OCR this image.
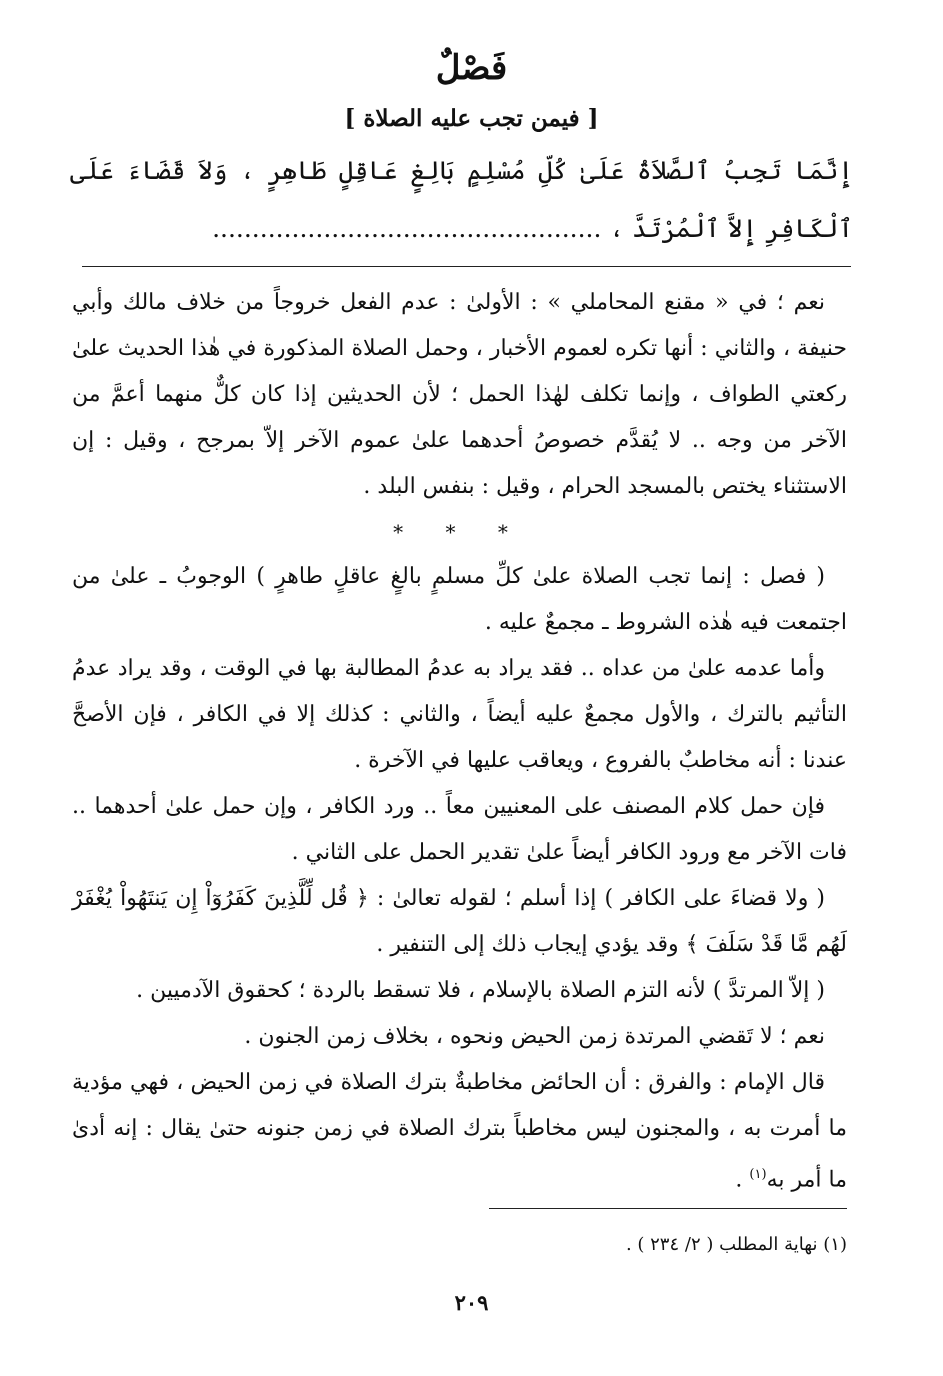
فَصْلٌ
[ فيمن تجب عليه الصلاة ]
إِنَّمَا تَجِبُ ٱلصَّلاَةُ عَلَىٰ كُلِّ مُسْلِمٍ بَالِغٍ عَاقِلٍ طَاهِرٍ ، وَلاَ قَضَاءَ عَلَى ٱلْكَافِرِ إِلاَّ ٱلْمُرْتَدَّ ، .................................................

نعم ؛ في « مقنع المحاملي » : الأولىٰ : عدم الفعل خروجاً من خلاف مالك وأبي حنيفة ، والثاني : أنها تكره لعموم الأخبار ، وحمل الصلاة المذكورة في هٰذا الحديث علىٰ ركعتي الطواف ، وإنما تكلف لهٰذا الحمل ؛ لأن الحديثين إذا كان كلٌّ منهما أعمَّ من الآخر من وجه .. لا يُقدَّم خصوصُ أحدهما علىٰ عموم الآخر إلاّ بمرجح ، وقيل : إن الاستثناء يختص بالمسجد الحرام ، وقيل : بنفس البلد .

* * *

( فصل : إنما تجب الصلاة علىٰ كلِّ مسلمٍ بالغٍ عاقلٍ طاهرٍ ) الوجوبُ ـ علىٰ من اجتمعت فيه هٰذه الشروط ـ مجمعٌ عليه .

وأما عدمه علىٰ من عداه .. فقد يراد به عدمُ المطالبة بها في الوقت ، وقد يراد عدمُ التأثيم بالترك ، والأول مجمعٌ عليه أيضاً ، والثاني : كذلك إلا في الكافر ، فإن الأصحَّ عندنا : أنه مخاطبٌ بالفروع ، ويعاقب عليها في الآخرة .

فإن حمل كلام المصنف على المعنيين معاً .. ورد الكافر ، وإن حمل علىٰ أحدهما .. فات الآخر مع ورود الكافر أيضاً علىٰ تقدير الحمل على الثاني .

( ولا قضاءَ على الكافر ) إذا أسلم ؛ لقوله تعالىٰ : ﴿ قُل لِّلَّذِينَ كَفَرُوٓاْ إِن يَنتَهُواْ يُغْفَرْ لَهُم مَّا قَدْ سَلَفَ ﴾ وقد يؤدي إيجاب ذلك إلى التنفير .

( إلاّ المرتدَّ ) لأنه التزم الصلاة بالإسلام ، فلا تسقط بالردة ؛ كحقوق الآدميين .

نعم ؛ لا تَقضي المرتدة زمن الحيض ونحوه ، بخلاف زمن الجنون .

قال الإمام : والفرق : أن الحائض مخاطبةٌ بترك الصلاة في زمن الحيض ، فهي مؤدية ما أمرت به ، والمجنون ليس مخاطباً بترك الصلاة في زمن جنونه حتىٰ يقال : إنه أدىٰ ما أمر به$^{(١)}$ .

(١) نهاية المطلب ( ٢/ ٢٣٤ ) .
٢٠٩
